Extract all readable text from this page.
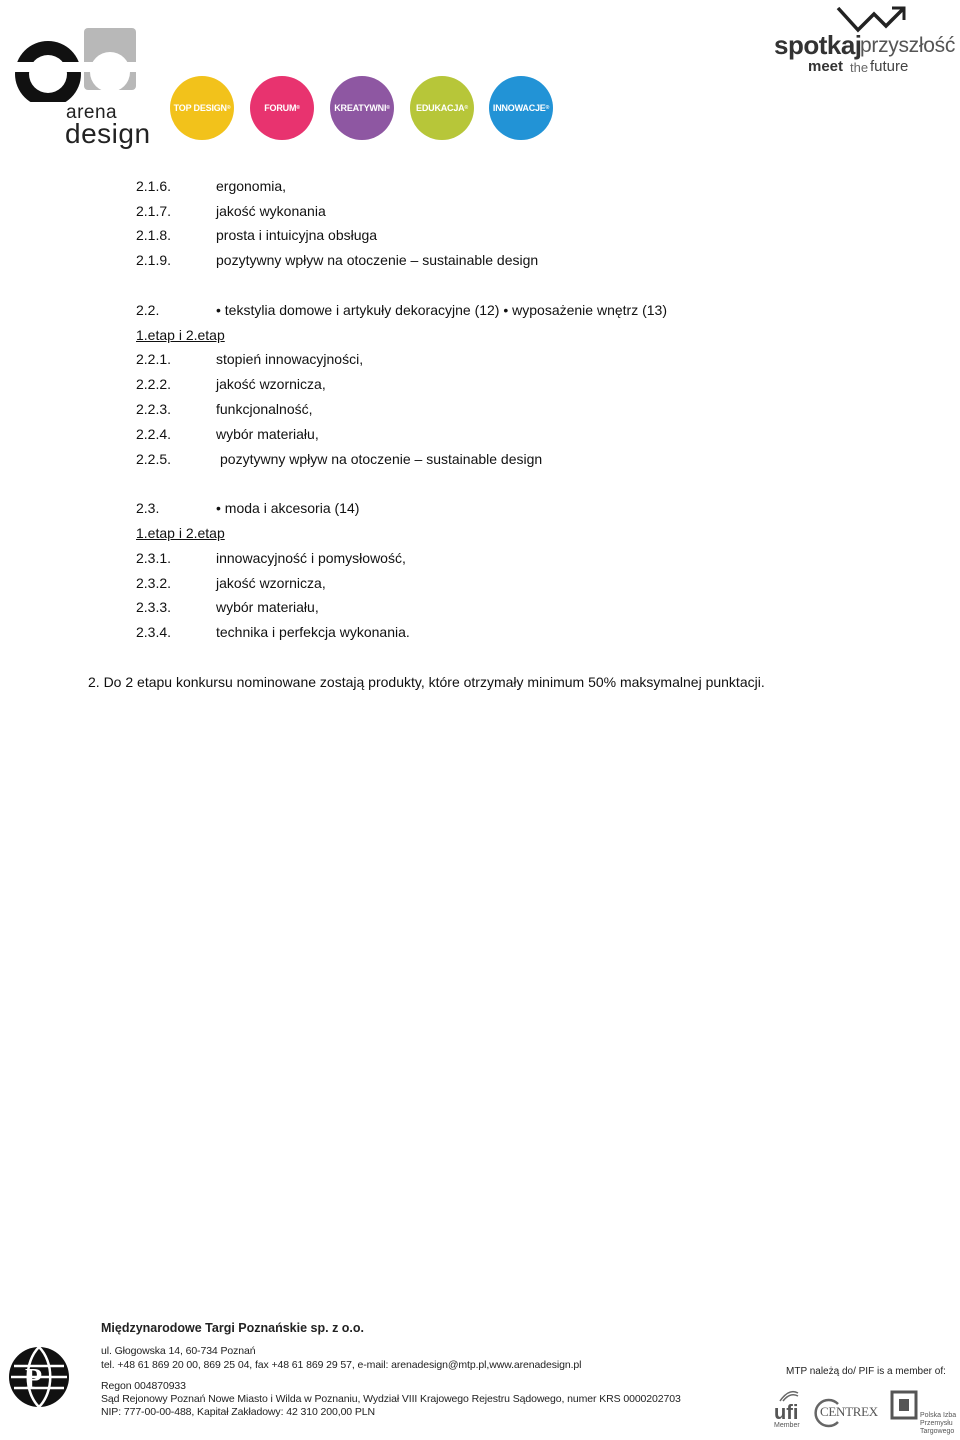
arena
design
TOP DESIGN ®	FORUM ®	KREATYWNI ®	EDUKACJA ®	INNOWACJE ®
spotkaj
przyszłość
meet the future
2.1.6.	ergonomia,
2.1.7.	jakość wykonania
2.1.8.	prosta i intuicyjna obsługa
2.1.9.	pozytywny wpływ na otoczenie – sustainable design
2.2.	• tekstylia domowe i artykuły dekoracyjne (12) • wyposażenie wnętrz (13)
1.etap i 2.etap
2.2.1.	stopień innowacyjności,
2.2.2.	jakość wzornicza,
2.2.3.	funkcjonalność,
2.2.4.	wybór materiału,
2.2.5.	pozytywny wpływ na otoczenie – sustainable design
2.3.	• moda i akcesoria (14)
1.etap i 2.etap
2.3.1.	innowacyjność i pomysłowość,
2.3.2.	jakość wzornicza,
2.3.3.	wybór materiału,
2.3.4.	technika i perfekcja wykonania.

2. Do 2 etapu konkursu nominowane zostają produkty, które otrzymały minimum 50% maksymalnej punktacji.

P
Międzynarodowe Targi Poznańskie sp. z o.o.
ul. Głogowska 14, 60-734 Poznań
tel. +48 61 869 20 00, 869 25 04, fax +48 61 869 29 57, e-mail: arenadesign@mtp.pl,www.arenadesign.pl
Regon 004870933
Sąd Rejonowy Poznań Nowe Miasto i Wilda w Poznaniu, Wydział VIII Krajowego Rejestru Sądowego, numer KRS 0000202703
NIP: 777-00-00-488, Kapitał Zakładowy: 42 310 200,00 PLN
MTP należą do/ PIF is a member of:
ufi
Member
CENTREX	Polska Izba
Przemysłu
Targowego
